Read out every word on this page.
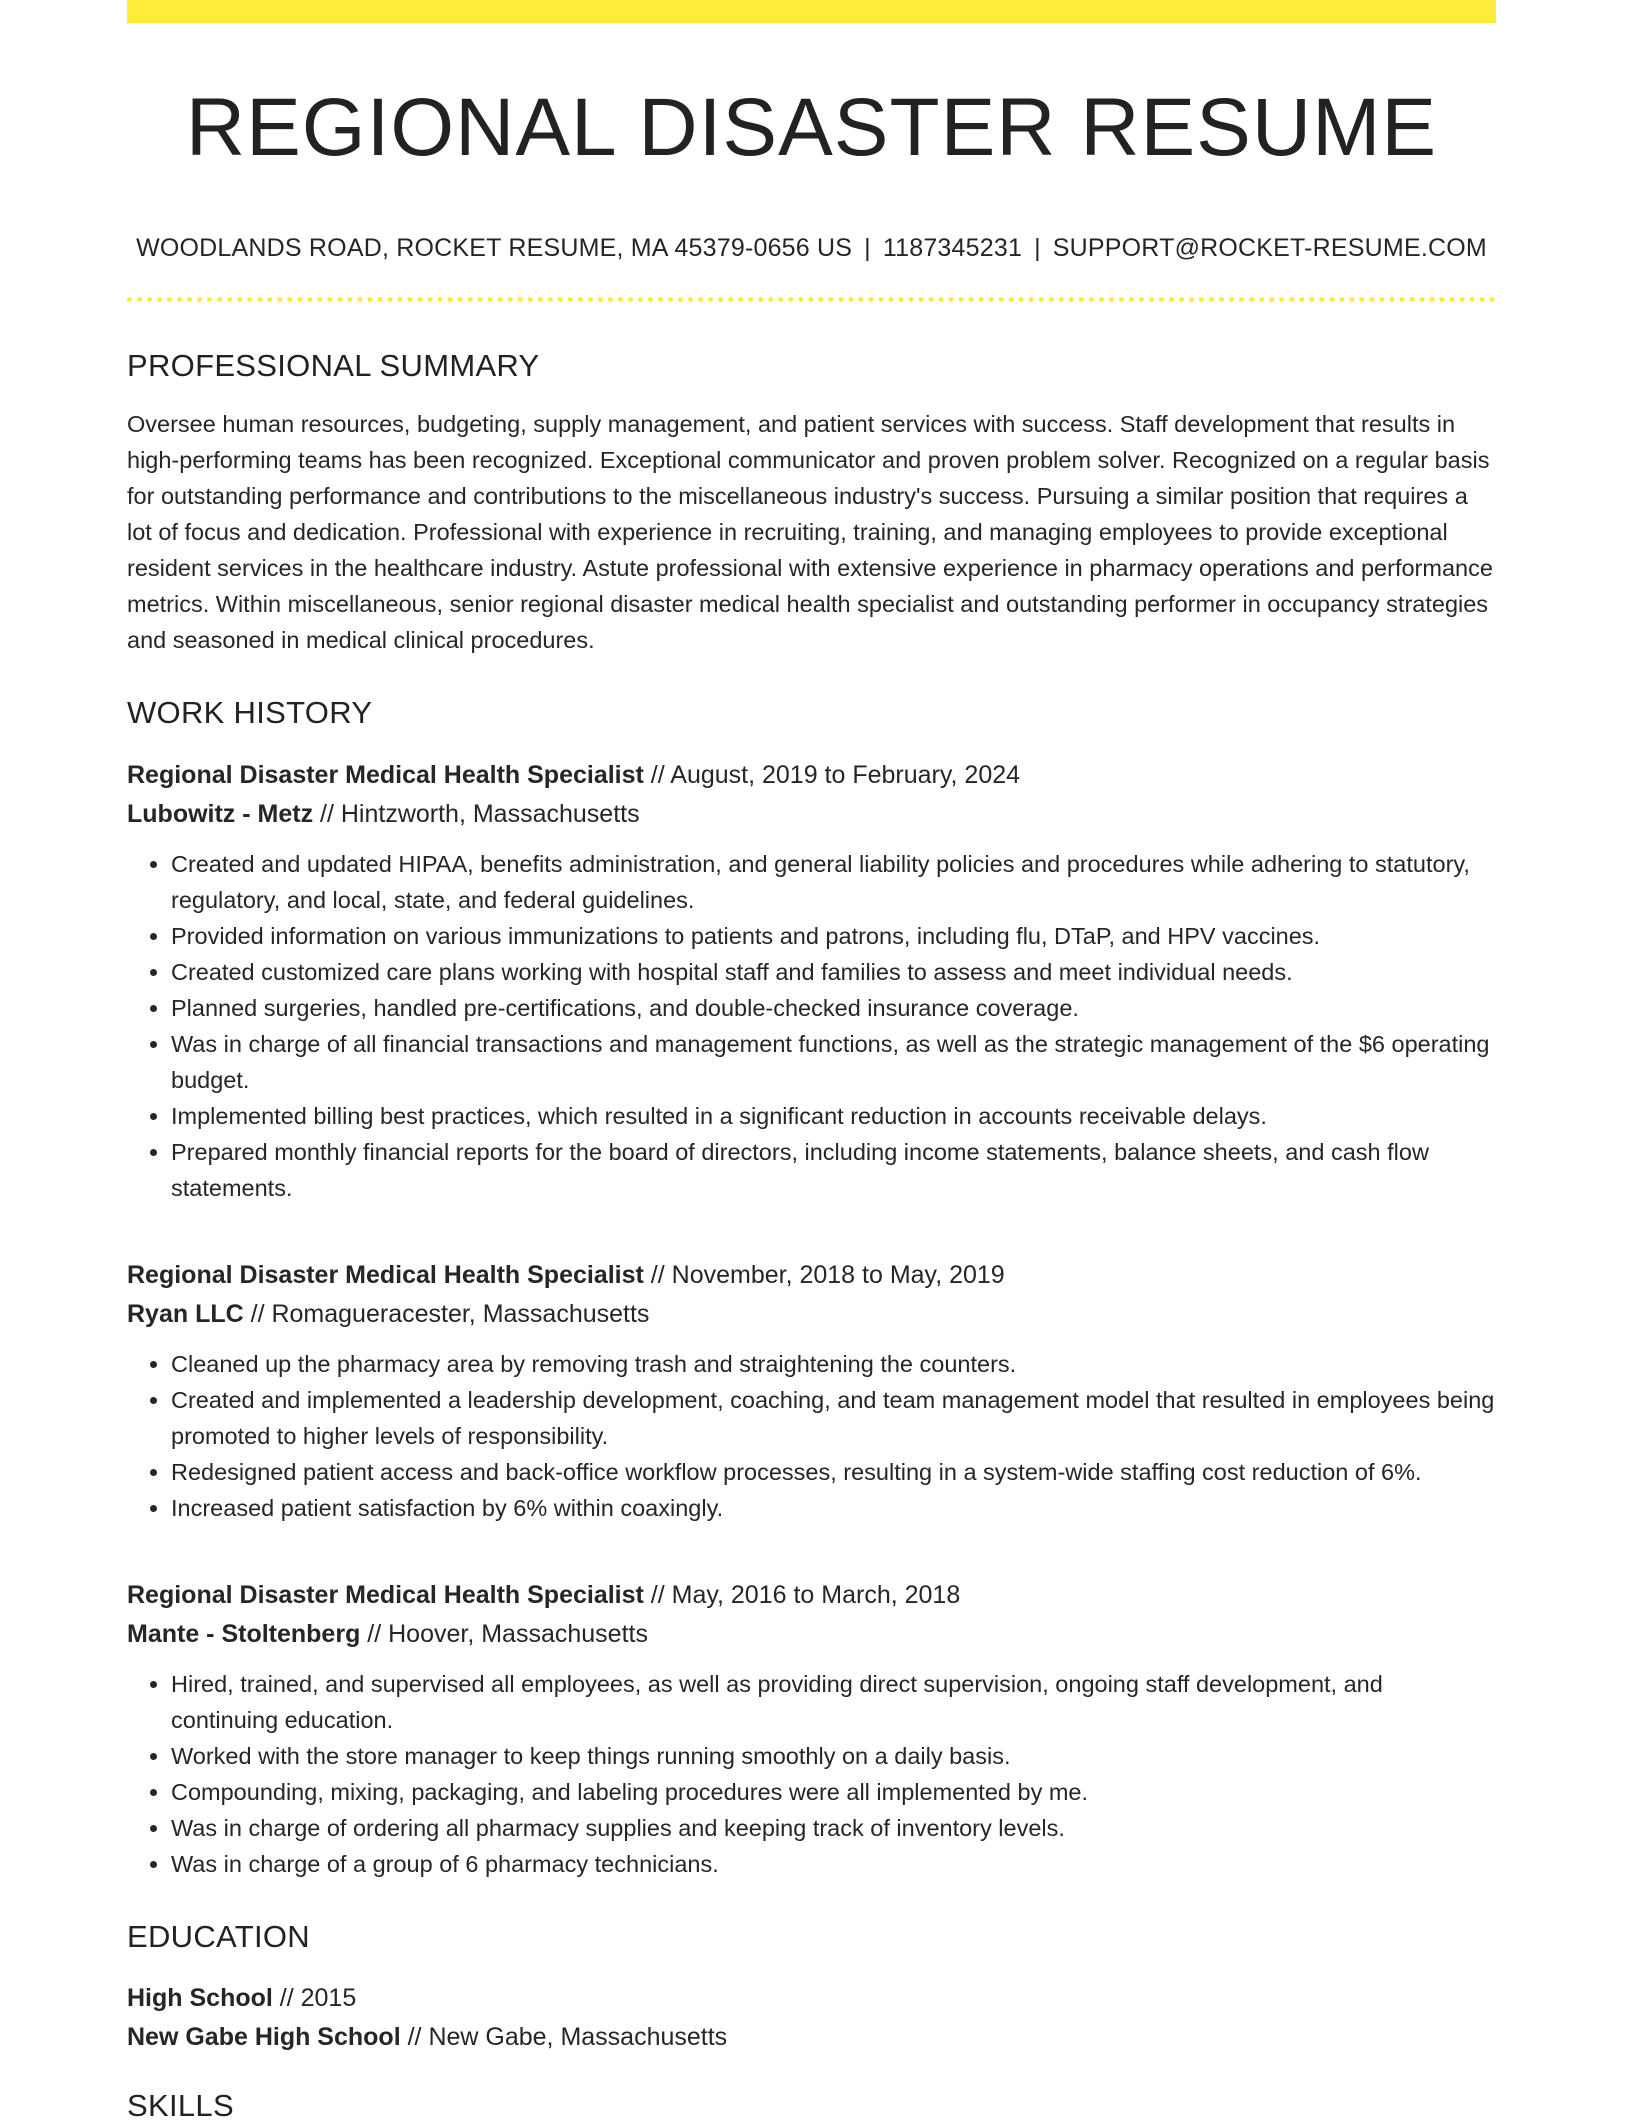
REGIONAL DISASTER RESUME
WOODLANDS ROAD, ROCKET RESUME, MA 45379-0656 US | 1187345231 | SUPPORT@ROCKET-RESUME.COM
PROFESSIONAL SUMMARY
Oversee human resources, budgeting, supply management, and patient services with success. Staff development that results in high-performing teams has been recognized. Exceptional communicator and proven problem solver. Recognized on a regular basis for outstanding performance and contributions to the miscellaneous industry's success. Pursuing a similar position that requires a lot of focus and dedication. Professional with experience in recruiting, training, and managing employees to provide exceptional resident services in the healthcare industry. Astute professional with extensive experience in pharmacy operations and performance metrics. Within miscellaneous, senior regional disaster medical health specialist and outstanding performer in occupancy strategies and seasoned in medical clinical procedures.
WORK HISTORY
Regional Disaster Medical Health Specialist // August, 2019 to February, 2024
Lubowitz - Metz // Hintzworth, Massachusetts
• Created and updated HIPAA, benefits administration, and general liability policies and procedures while adhering to statutory, regulatory, and local, state, and federal guidelines.
• Provided information on various immunizations to patients and patrons, including flu, DTaP, and HPV vaccines.
• Created customized care plans working with hospital staff and families to assess and meet individual needs.
• Planned surgeries, handled pre-certifications, and double-checked insurance coverage.
• Was in charge of all financial transactions and management functions, as well as the strategic management of the $6 operating budget.
• Implemented billing best practices, which resulted in a significant reduction in accounts receivable delays.
• Prepared monthly financial reports for the board of directors, including income statements, balance sheets, and cash flow statements.
Regional Disaster Medical Health Specialist // November, 2018 to May, 2019
Ryan LLC // Romagueracester, Massachusetts
• Cleaned up the pharmacy area by removing trash and straightening the counters.
• Created and implemented a leadership development, coaching, and team management model that resulted in employees being promoted to higher levels of responsibility.
• Redesigned patient access and back-office workflow processes, resulting in a system-wide staffing cost reduction of 6%.
• Increased patient satisfaction by 6% within coaxingly.
Regional Disaster Medical Health Specialist // May, 2016 to March, 2018
Mante - Stoltenberg // Hoover, Massachusetts
• Hired, trained, and supervised all employees, as well as providing direct supervision, ongoing staff development, and continuing education.
• Worked with the store manager to keep things running smoothly on a daily basis.
• Compounding, mixing, packaging, and labeling procedures were all implemented by me.
• Was in charge of ordering all pharmacy supplies and keeping track of inventory levels.
• Was in charge of a group of 6 pharmacy technicians.
EDUCATION
High School // 2015
New Gabe High School // New Gabe, Massachusetts
SKILLS
